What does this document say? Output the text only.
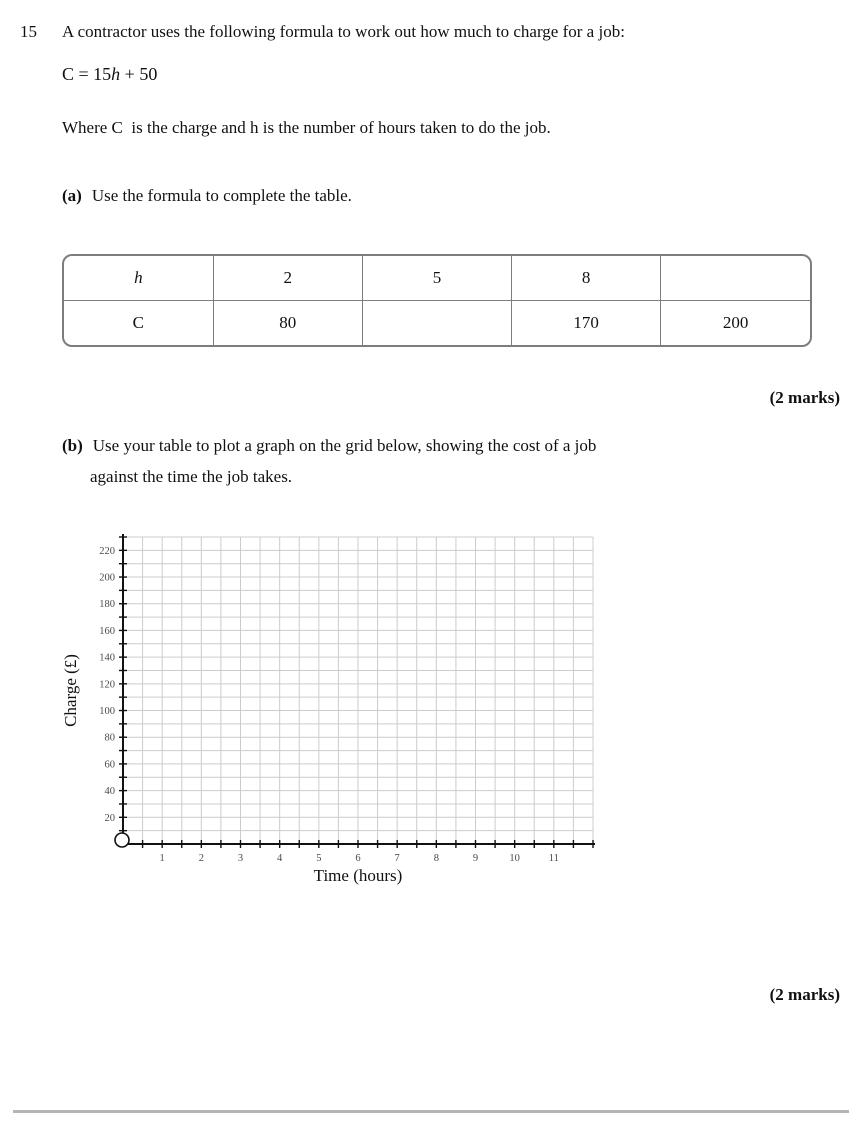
15 A contractor uses the following formula to work out how much to charge for a job:
C = 15h + 50
Where C  is the charge and h is the number of hours taken to do the job.
(a) Use the formula to complete the table.
h	2	5	8	
C	80		170	200
(2 marks)
(b) Use your table to plot a graph on the grid below, showing the cost of a job
against the time the job takes.
1	2	3	4	5	6	7	8	9	10	11
20
40
60
80
100
120
140
160
180
200
220
Time (hours)
Charge (£)
(2 marks)
